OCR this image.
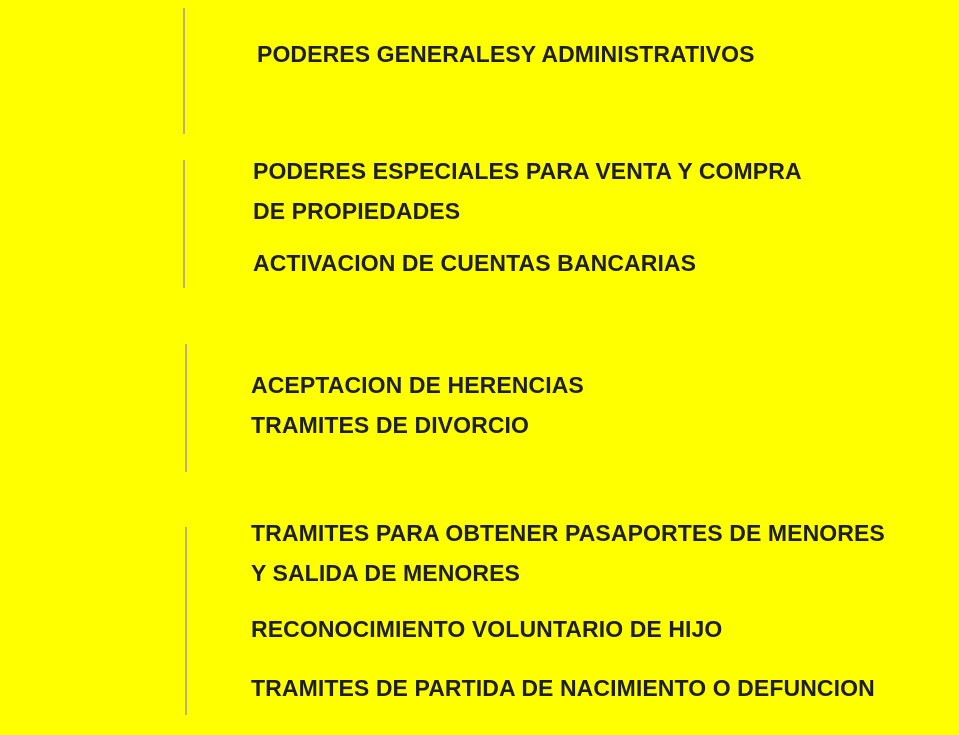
PODERES GENERALESY ADMINISTRATIVOS

PODERES ESPECIALES PARA VENTA Y COMPRA

DE PROPIEDADES

ACTIVACION DE CUENTAS BANCARIAS

ACEPTACION DE HERENCIAS

TRAMITES DE DIVORCIO

TRAMITES PARA OBTENER PASAPORTES DE MENORES

Y SALIDA DE MENORES

RECONOCIMIENTO VOLUNTARIO DE HIJO

TRAMITES DE PARTIDA DE NACIMIENTO O DEFUNCION
